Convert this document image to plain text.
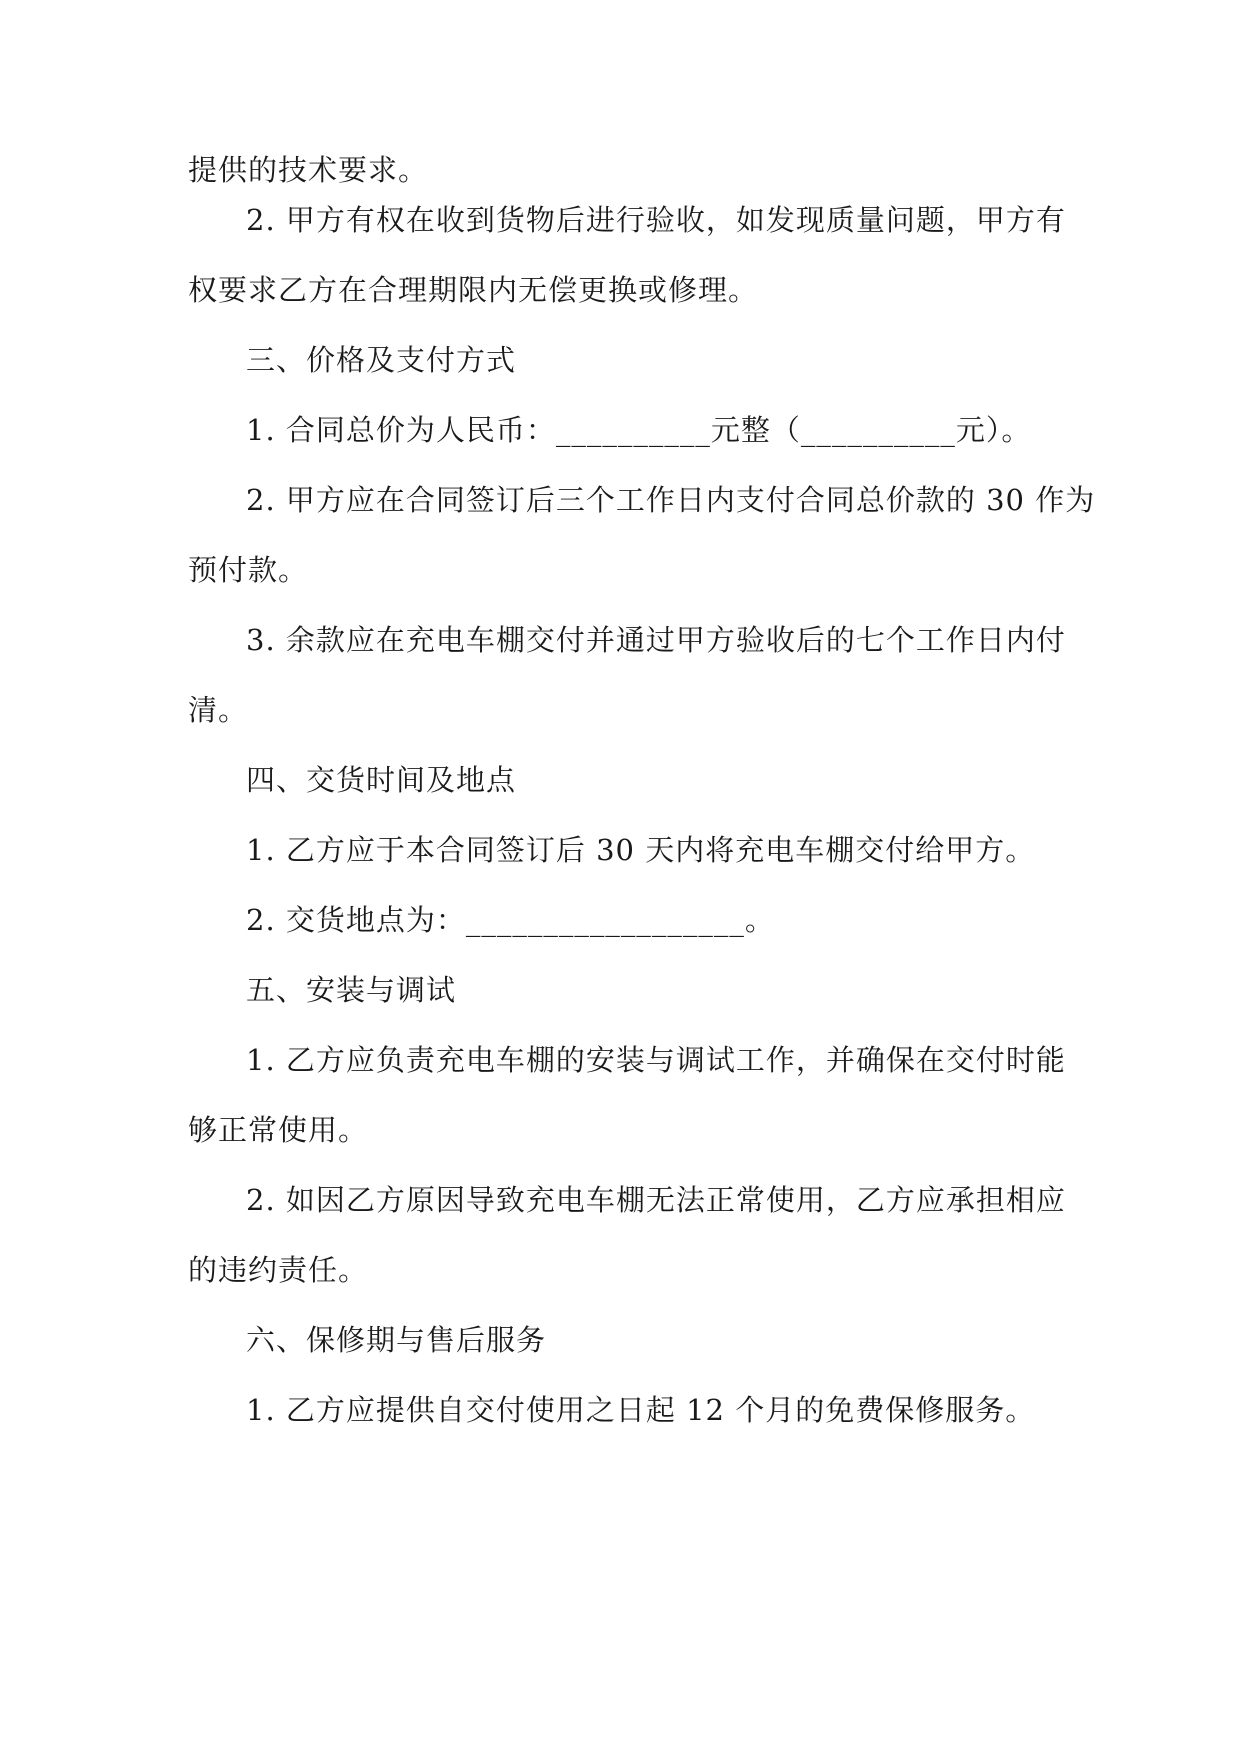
提供的技术要求。
2. 甲方有权在收到货物后进行验收，如发现质量问题，甲方有
权要求乙方在合理期限内无偿更换或修理。
三、价格及支付方式
1. 合同总价为人民币：__________元整（__________元）。
2. 甲方应在合同签订后三个工作日内支付合同总价款的 30 作为
预付款。
3. 余款应在充电车棚交付并通过甲方验收后的七个工作日内付
清。
四、交货时间及地点
1. 乙方应于本合同签订后 30 天内将充电车棚交付给甲方。
2. 交货地点为：__________________。
五、安装与调试
1. 乙方应负责充电车棚的安装与调试工作，并确保在交付时能
够正常使用。
2. 如因乙方原因导致充电车棚无法正常使用，乙方应承担相应
的违约责任。
六、保修期与售后服务
1. 乙方应提供自交付使用之日起 12 个月的免费保修服务。
